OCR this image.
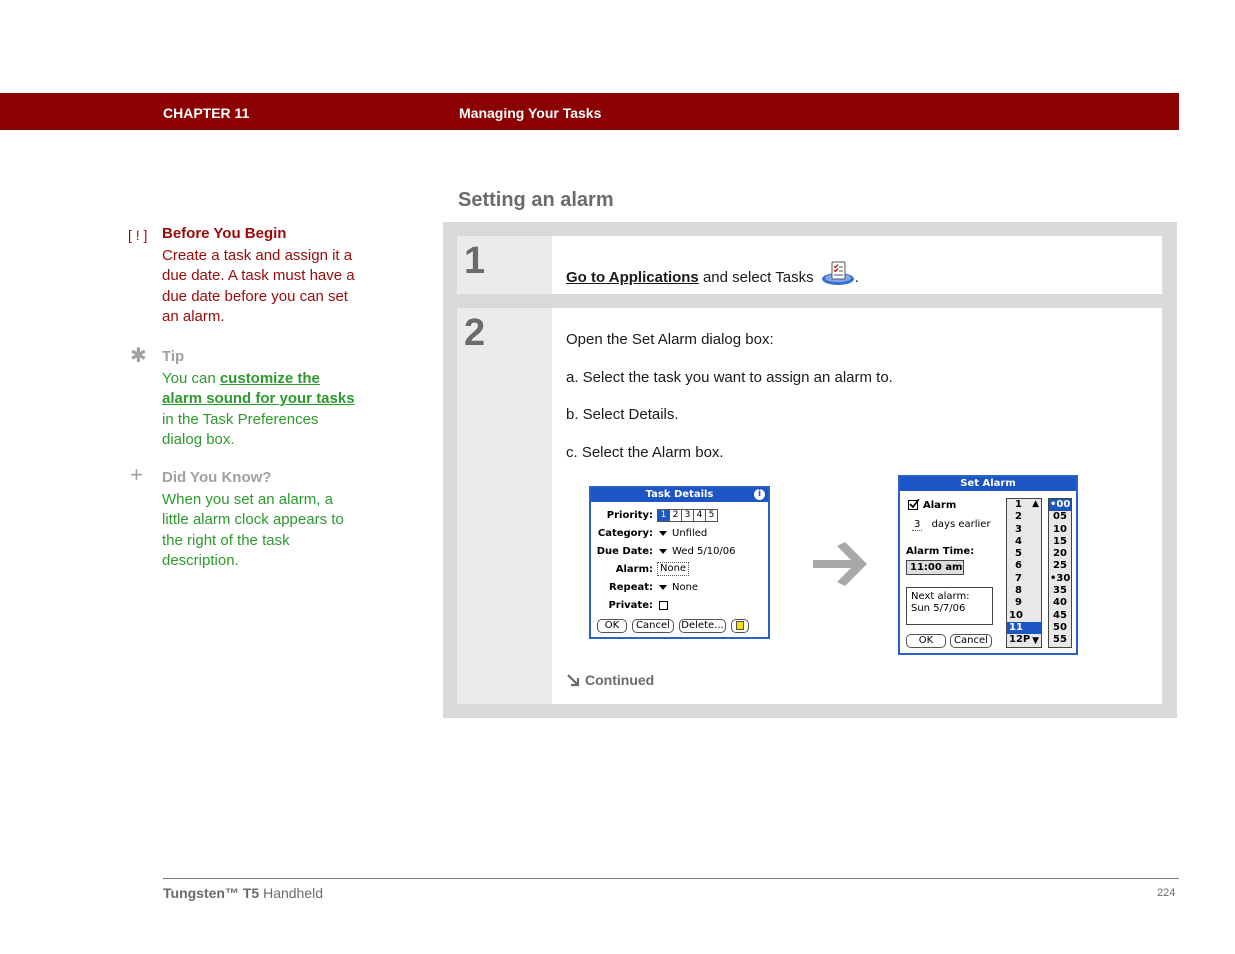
CHAPTER 11	Managing Your Tasks
Setting an alarm
[ ! ] Before You Begin
Create a task and assign it a due date. A task must have a due date before you can set an alarm.
✱	Tip
You can customize the alarm sound for your tasks in the Task Preferences dialog box.
+	Did You Know?
When you set an alarm, a little alarm clock appears to the right of the task description.
1	Go to Applications and select Tasks	.
2	Open the Set Alarm dialog box:
a. Select the task you want to assign an alarm to.
b. Select Details.
c. Select the Alarm box.
Task Details	i
Priority: 1 2 3 4 5
Category:	Unfiled
Due Date:	Wed 5/10/06
Alarm: None
Repeat:	None
Private:
OK	Cancel	Delete...
Set Alarm
Alarm
3 days earlier
Alarm Time:
11:00 am
Next alarm:
Sun 5/7/06
OK	Cancel
1
2
3
4
5
6
7
8
9
10
11
12P
▲
▼
•00
05
10
15
20
25
•30
35
40
45
50
55
Continued
Tungsten™ T5 Handheld	224
